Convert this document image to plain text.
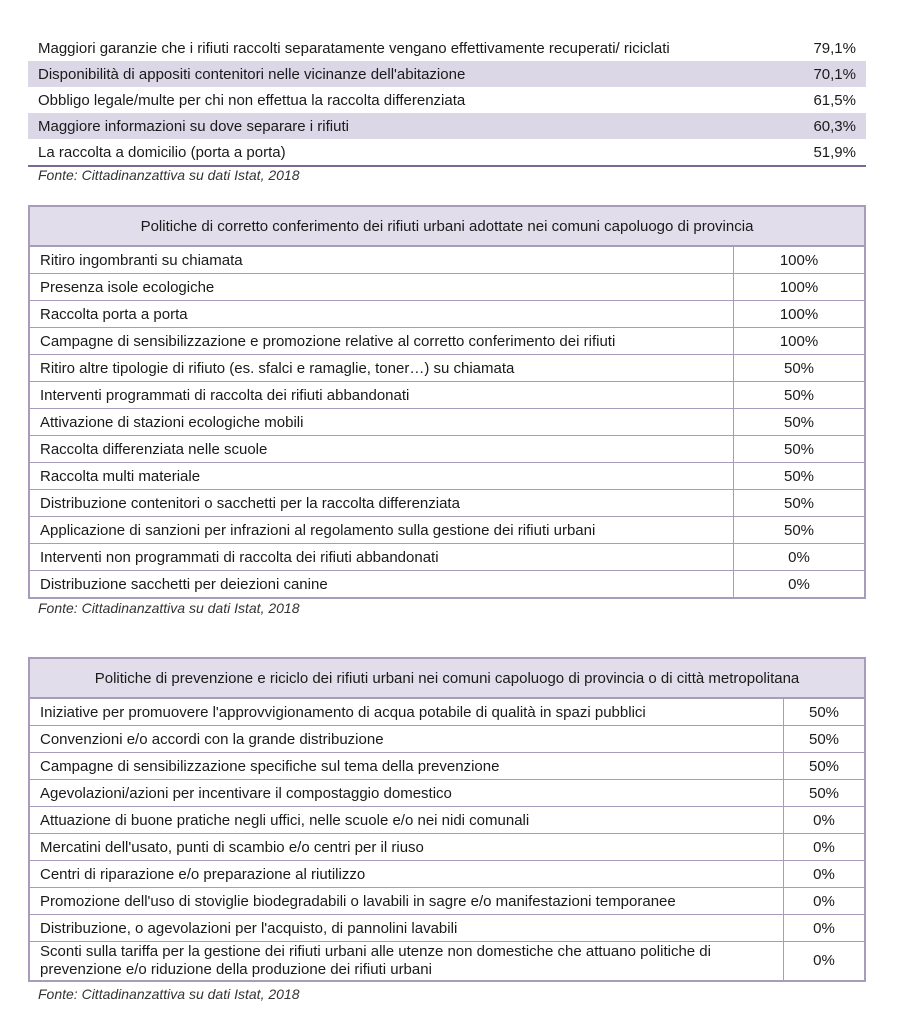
Maggiori garanzie che i rifiuti raccolti separatamente vengano effettivamente recuperati/ riciclati	79,1%
Disponibilità di appositi contenitori nelle vicinanze dell'abitazione	70,1%
Obbligo legale/multe per chi non effettua la raccolta differenziata	61,5%
Maggiore informazioni su dove separare i rifiuti	60,3%
La raccolta a domicilio (porta a porta)	51,9%
Fonte: Cittadinanzattiva su dati Istat, 2018
Politiche di corretto conferimento dei rifiuti urbani adottate nei comuni capoluogo di provincia	
Ritiro ingombranti su chiamata	100%
Presenza isole ecologiche	100%
Raccolta porta a porta	100%
Campagne di sensibilizzazione e promozione relative al corretto conferimento dei rifiuti	100%
Ritiro altre tipologie di rifiuto (es. sfalci e ramaglie, toner…) su chiamata	50%
Interventi programmati di raccolta dei rifiuti abbandonati	50%
Attivazione di stazioni ecologiche mobili	50%
Raccolta differenziata nelle scuole	50%
Raccolta multi materiale	50%
Distribuzione contenitori o sacchetti per la raccolta differenziata	50%
Applicazione di sanzioni per infrazioni al regolamento sulla gestione dei rifiuti urbani	50%
Interventi non programmati di raccolta dei rifiuti abbandonati	0%
Distribuzione sacchetti per deiezioni canine	0%
Fonte: Cittadinanzattiva su dati Istat, 2018
Politiche di prevenzione e riciclo dei rifiuti urbani nei comuni capoluogo di provincia o di città metropolitana	
Iniziative per promuovere l'approvvigionamento di acqua potabile di qualità in spazi pubblici	50%
Convenzioni e/o accordi con la grande distribuzione	50%
Campagne di sensibilizzazione specifiche sul tema della prevenzione	50%
Agevolazioni/azioni per incentivare il compostaggio domestico	50%
Attuazione di buone pratiche negli uffici, nelle scuole e/o nei nidi comunali	0%
Mercatini dell'usato, punti di scambio e/o centri per il riuso	0%
Centri di riparazione e/o preparazione al riutilizzo	0%
Promozione dell'uso di stoviglie biodegradabili o lavabili in sagre e/o manifestazioni temporanee	0%
Distribuzione, o agevolazioni per l'acquisto, di pannolini lavabili	0%
Sconti sulla tariffa per la gestione dei rifiuti urbani alle utenze non domestiche che attuano politiche di prevenzione e/o riduzione della produzione dei rifiuti urbani	0%
Fonte: Cittadinanzattiva su dati Istat, 2018
